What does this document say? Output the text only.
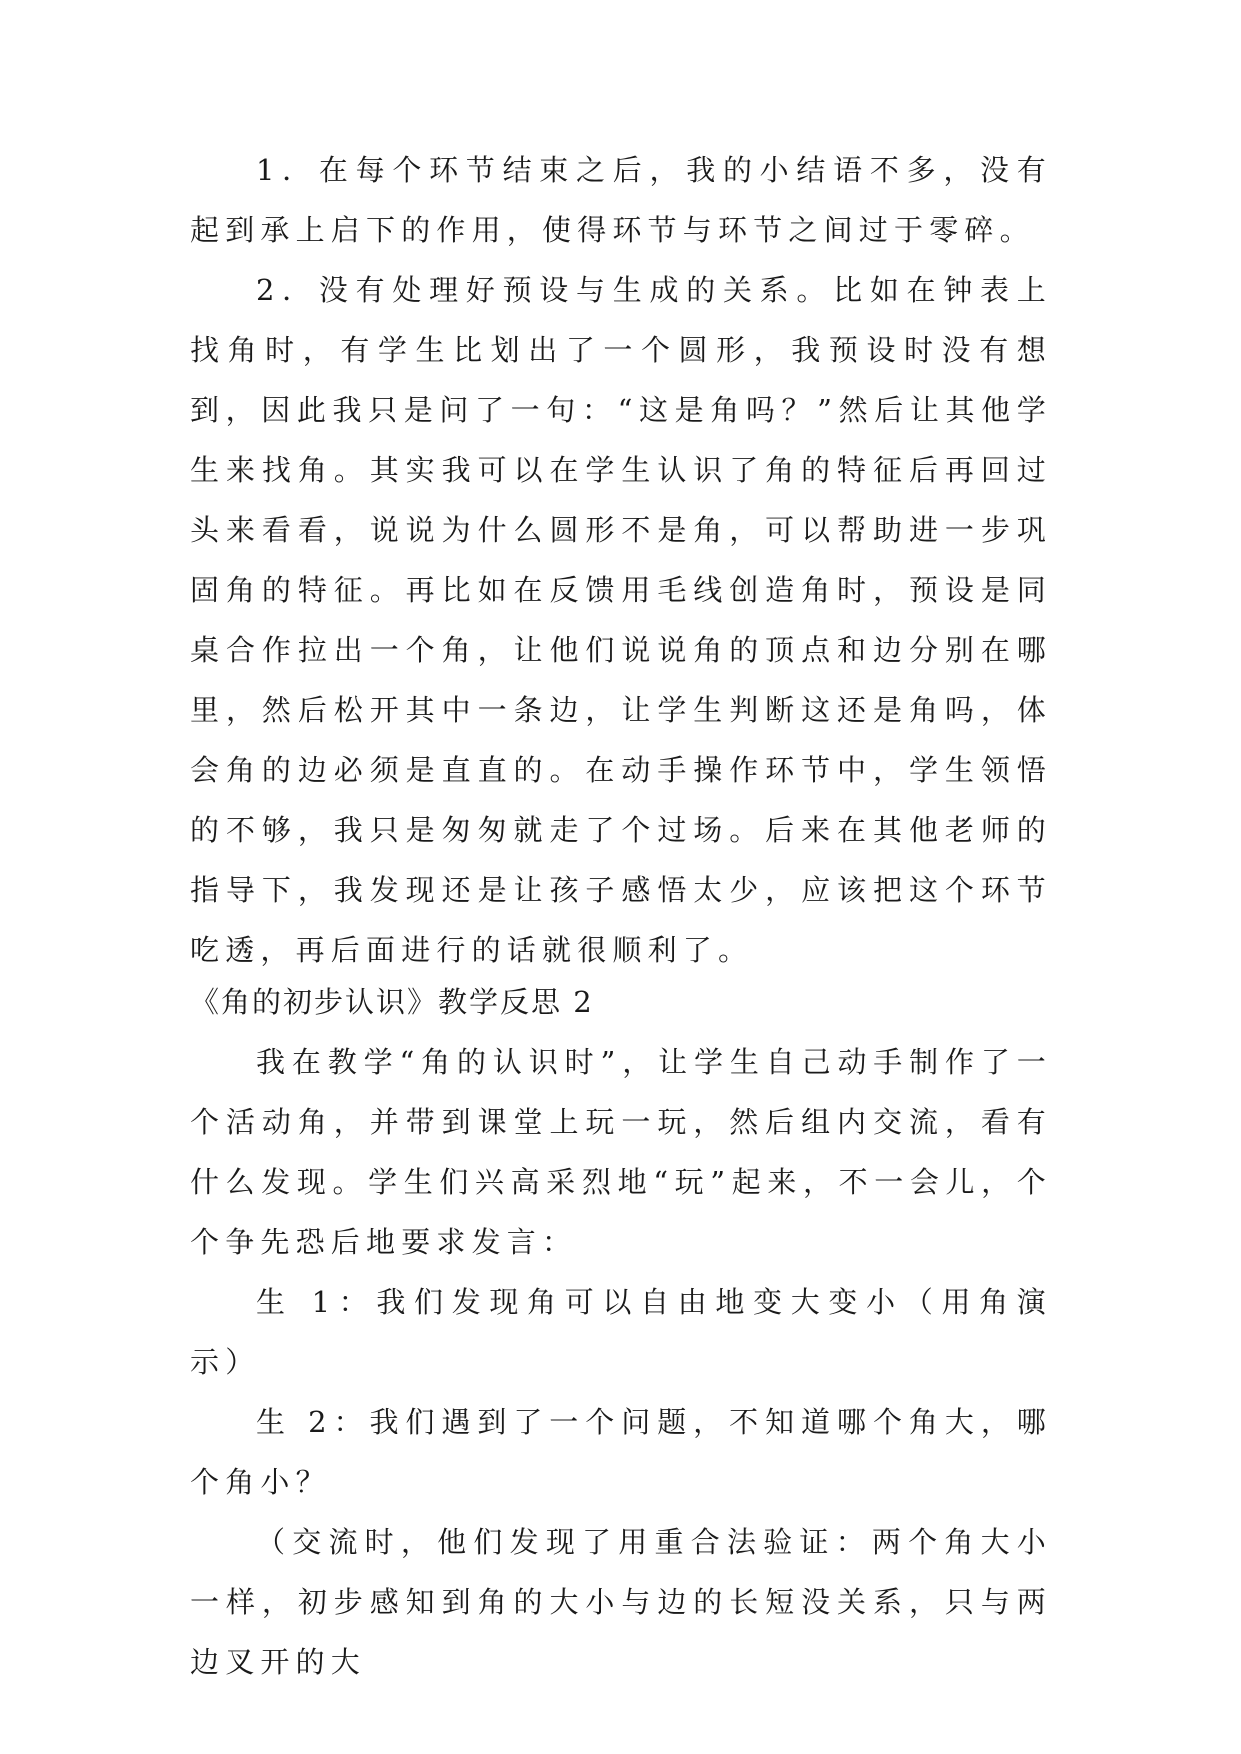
1．在每个环节结束之后，我的小结语不多，没有起到承上启下的作用，使得环节与环节之间过于零碎。

2．没有处理好预设与生成的关系。比如在钟表上找角时，有学生比划出了一个圆形，我预设时没有想到，因此我只是问了一句：“这是角吗？”然后让其他学生来找角。其实我可以在学生认识了角的特征后再回过头来看看，说说为什么圆形不是角，可以帮助进一步巩固角的特征。再比如在反馈用毛线创造角时，预设是同桌合作拉出一个角，让他们说说角的顶点和边分别在哪里，然后松开其中一条边，让学生判断这还是角吗，体会角的边必须是直直的。在动手操作环节中，学生领悟的不够，我只是匆匆就走了个过场。后来在其他老师的指导下，我发现还是让孩子感悟太少，应该把这个环节吃透，再后面进行的话就很顺利了。

《角的初步认识》教学反思 2

我在教学“角的认识时”，让学生自己动手制作了一个活动角，并带到课堂上玩一玩，然后组内交流，看有什么发现。学生们兴高采烈地“玩”起来，不一会儿，个个争先恐后地要求发言：

生 1：我们发现角可以自由地变大变小（用角演示）

生 2：我们遇到了一个问题，不知道哪个角大，哪个角小？

（交流时，他们发现了用重合法验证：两个角大小一样，初步感知到角的大小与边的长短没关系，只与两边叉开的大
